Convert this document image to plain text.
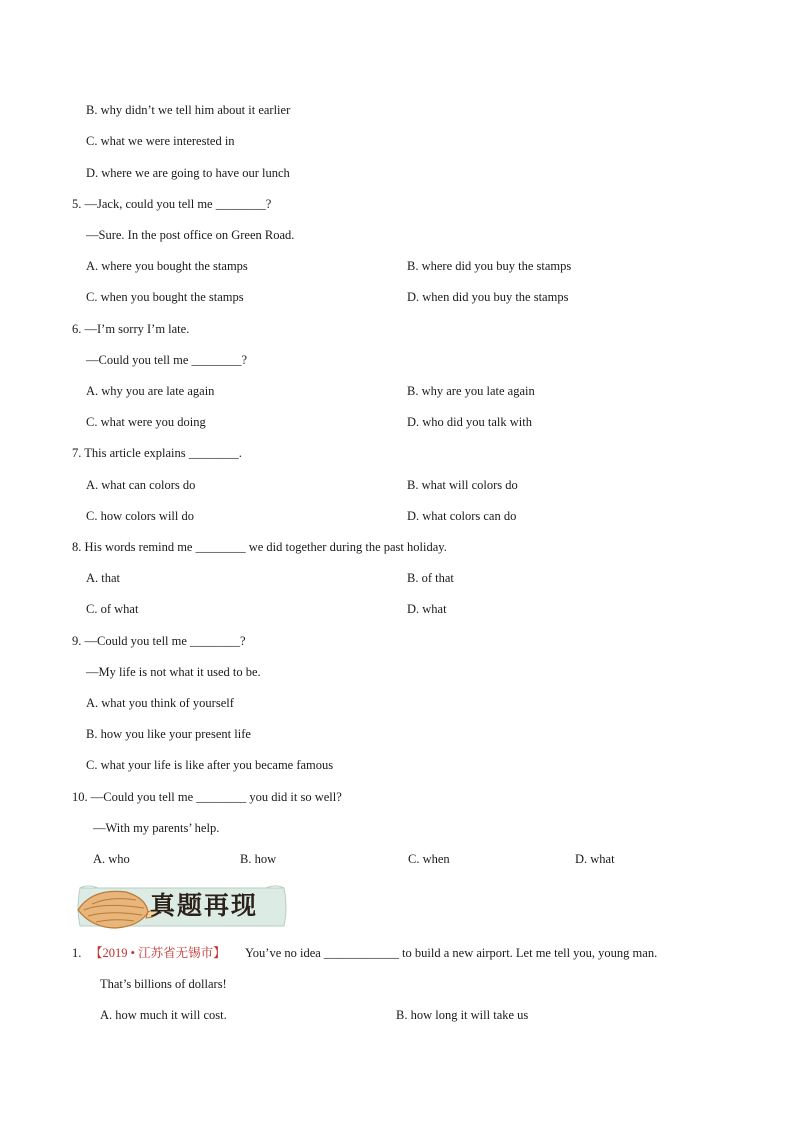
B. why didn’t we tell him about it earlier
C. what we were interested in
D. where we are going to have our lunch
5. —Jack, could you tell me ________?
—Sure. In the post office on Green Road.
A. where you bought the stamps	B. where did you buy the stamps
C. when you bought the stamps	D. when did you buy the stamps
6. —I’m sorry I’m late.
—Could you tell me ________?
A. why you are late again	B. why are you late again
C. what were you doing	D. who did you talk with
7. This article explains ________.
A. what can colors do	B. what will colors do
C. how colors will do	D. what colors can do
8. His words remind me ________ we did together during the past holiday.
A. that	B. of that
C. of what	D. what
9. —Could you tell me ________?
—My life is not what it used to be.
A. what you think of yourself
B. how you like your present life
C. what your life is like after you became famous
10. —Could you tell me ________ you did it so well?
—With my parents’ help.
A. who	B. how	C. when	D. what
真题再现
1. 【2019 • 江苏省无锡市】 You’ve no idea ____________ to build a new airport. Let me tell you, young man.
That’s billions of dollars!
A. how much it will cost.	B. how long it will take us
